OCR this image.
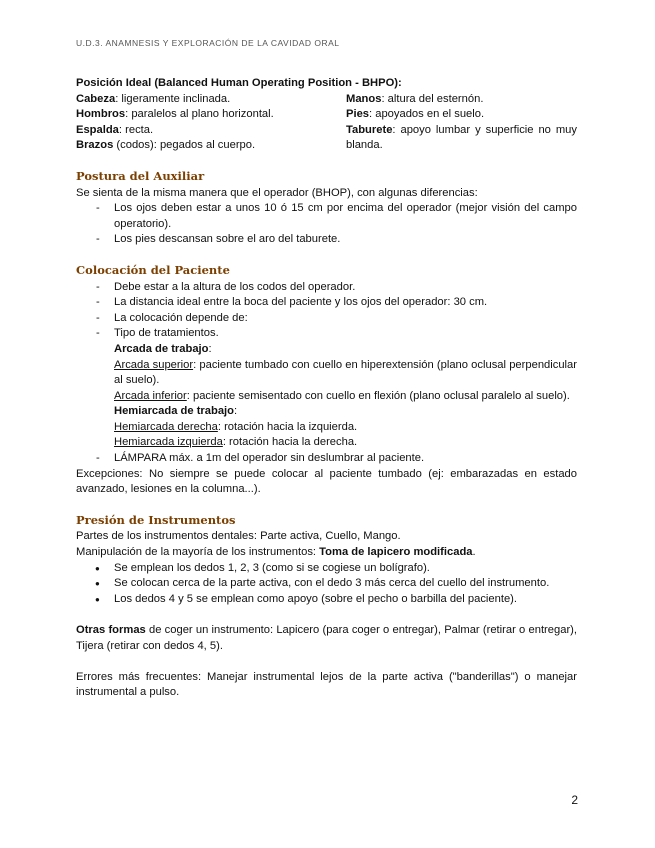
U.D.3. ANAMNESIS Y EXPLORACIÓN DE LA CAVIDAD ORAL
Posición Ideal (Balanced Human Operating Position - BHPO):
Cabeza: ligeramente inclinada.
Hombros: paralelos al plano horizontal.
Espalda: recta.
Brazos (codos): pegados al cuerpo.
Manos: altura del esternón.
Pies: apoyados en el suelo.
Taburete: apoyo lumbar y superficie no muy blanda.
Postura del Auxiliar
Se sienta de la misma manera que el operador (BHOP), con algunas diferencias:
- Los ojos deben estar a unos 10 ó 15 cm por encima del operador (mejor visión del campo operatorio).
- Los pies descansan sobre el aro del taburete.
Colocación del Paciente
- Debe estar a la altura de los codos del operador.
- La distancia ideal entre la boca del paciente y los ojos del operador: 30 cm.
- La colocación depende de:
- Tipo de tratamientos.
Arcada de trabajo:
Arcada superior: paciente tumbado con cuello en hiperextensión (plano oclusal perpendicular al suelo).
Arcada inferior: paciente semisentado con cuello en flexión (plano oclusal paralelo al suelo).
Hemiarcada de trabajo:
Hemiarcada derecha: rotación hacia la izquierda.
Hemiarcada izquierda: rotación hacia la derecha.
- LÁMPARA máx. a 1m del operador sin deslumbrar al paciente.
Excepciones: No siempre se puede colocar al paciente tumbado (ej: embarazadas en estado avanzado, lesiones en la columna...).
Presión de Instrumentos
Partes de los instrumentos dentales: Parte activa, Cuello, Mango.
Manipulación de la mayoría de los instrumentos: Toma de lapicero modificada.
● Se emplean los dedos 1, 2, 3 (como si se cogiese un bolígrafo).
● Se colocan cerca de la parte activa, con el dedo 3 más cerca del cuello del instrumento.
● Los dedos 4 y 5 se emplean como apoyo (sobre el pecho o barbilla del paciente).
Otras formas de coger un instrumento: Lapicero (para coger o entregar), Palmar (retirar o entregar), Tijera (retirar con dedos 4, 5).
Errores más frecuentes: Manejar instrumental lejos de la parte activa ("banderillas") o manejar instrumental a pulso.
2
